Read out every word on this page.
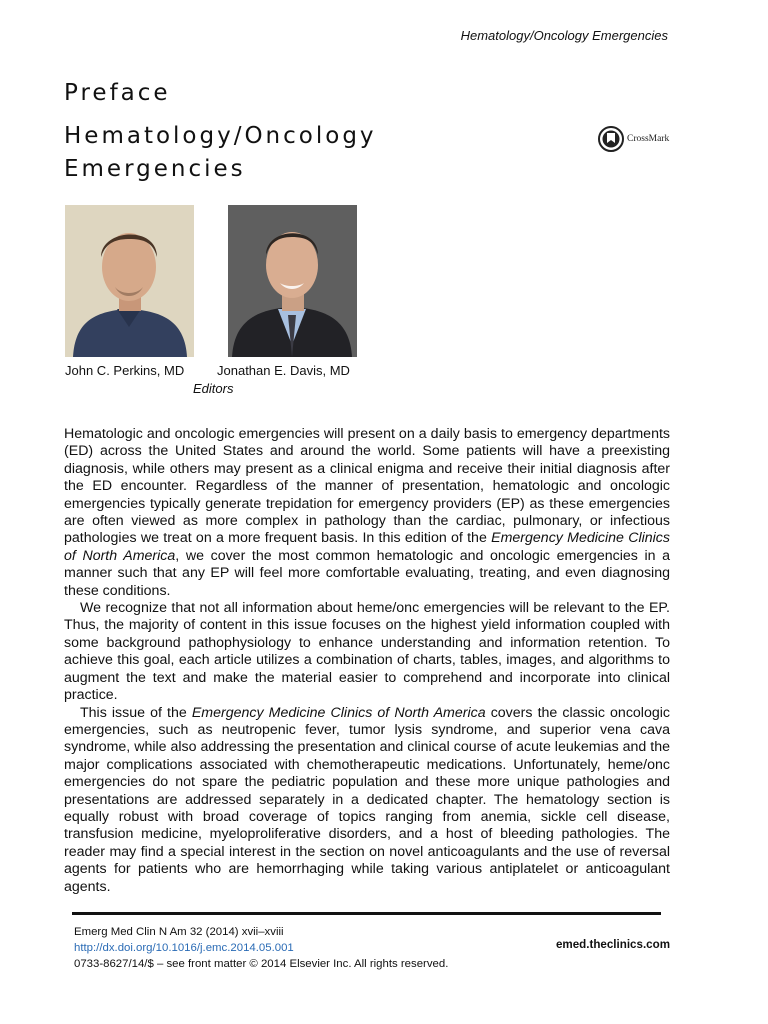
Hematology/Oncology Emergencies
Preface
Hematology/Oncology
Emergencies
CrossMark
John C. Perkins, MD	Jonathan E. Davis, MD
Editors

Hematologic and oncologic emergencies will present on a daily basis to emergency departments (ED) across the United States and around the world. Some patients will have a preexisting diagnosis, while others may present as a clinical enigma and receive their initial diagnosis after the ED encounter. Regardless of the manner of presentation, hematologic and oncologic emergencies typically generate trepidation for emergency providers (EP) as these emergencies are often viewed as more complex in pathology than the cardiac, pulmonary, or infectious pathologies we treat on a more frequent basis. In this edition of the Emergency Medicine Clinics of North America, we cover the most common hematologic and oncologic emergencies in a manner such that any EP will feel more comfortable evaluating, treating, and even diagnosing these conditions.

We recognize that not all information about heme/onc emergencies will be relevant to the EP. Thus, the majority of content in this issue focuses on the highest yield information coupled with some background pathophysiology to enhance understanding and information retention. To achieve this goal, each article utilizes a combination of charts, tables, images, and algorithms to augment the text and make the material easier to comprehend and incorporate into clinical practice.

This issue of the Emergency Medicine Clinics of North America covers the classic oncologic emergencies, such as neutropenic fever, tumor lysis syndrome, and superior vena cava syndrome, while also addressing the presentation and clinical course of acute leukemias and the major complications associated with chemotherapeutic medications. Unfortunately, heme/onc emergencies do not spare the pediatric population and these more unique pathologies and presentations are addressed separately in a dedicated chapter. The hematology section is equally robust with broad coverage of topics ranging from anemia, sickle cell disease, transfusion medicine, myeloproliferative disorders, and a host of bleeding pathologies. The reader may find a special interest in the section on novel anticoagulants and the use of reversal agents for patients who are hemorrhaging while taking various antiplatelet or anticoagulant agents.

Emerg Med Clin N Am 32 (2014) xvii–xviii
http://dx.doi.org/10.1016/j.emc.2014.05.001
0733-8627/14/$ – see front matter © 2014 Elsevier Inc. All rights reserved.
emed.theclinics.com
